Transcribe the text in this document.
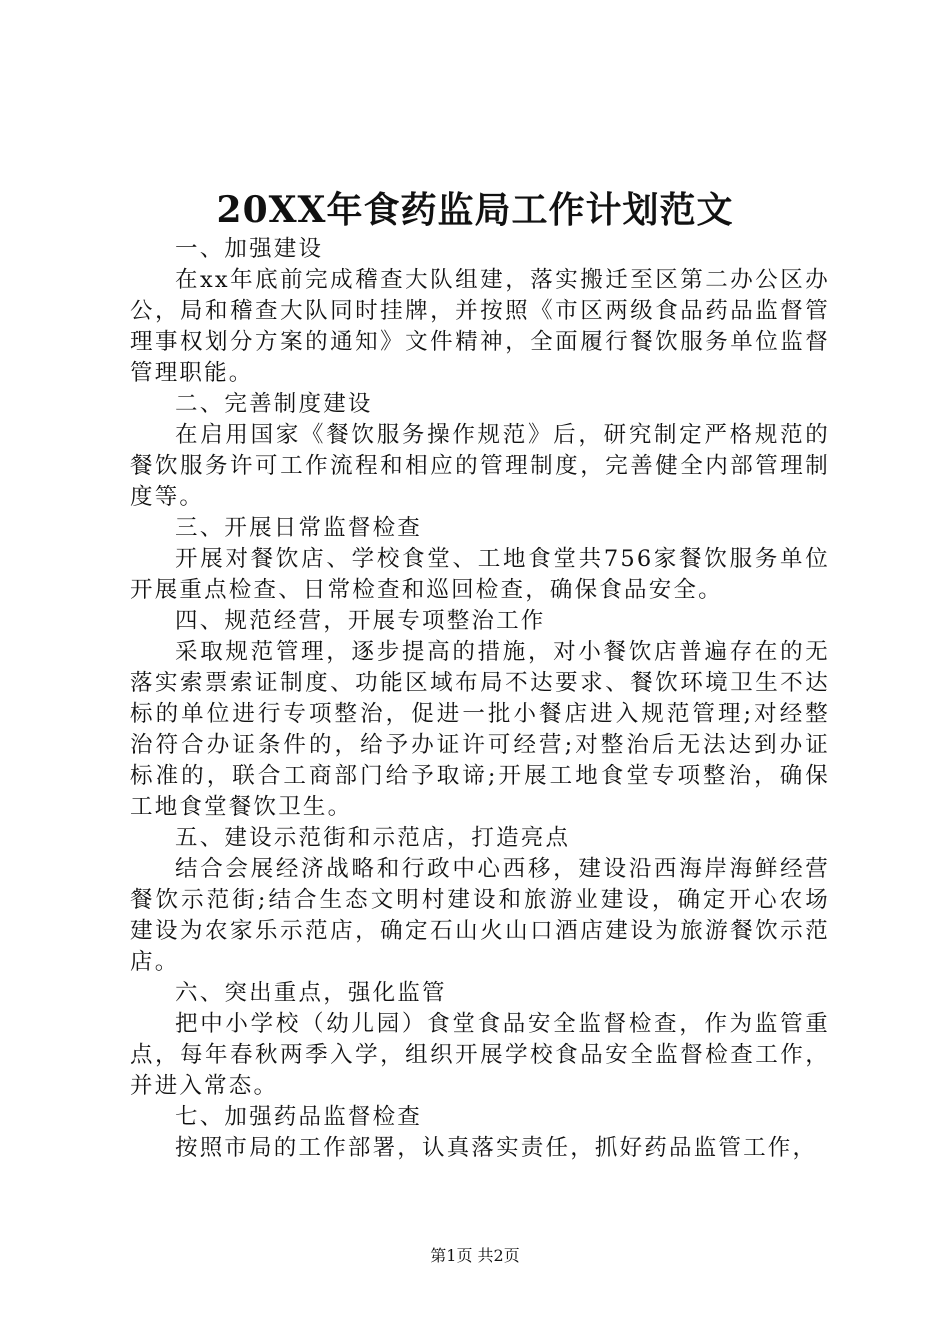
20XX年食药监局工作计划范文

一、加强建设

在xx年底前完成稽查大队组建，落实搬迁至区第二办公区办公，局和稽查大队同时挂牌，并按照《市区两级食品药品监督管理事权划分方案的通知》文件精神，全面履行餐饮服务单位监督管理职能。

二、完善制度建设

在启用国家《餐饮服务操作规范》后，研究制定严格规范的餐饮服务许可工作流程和相应的管理制度，完善健全内部管理制度等。

三、开展日常监督检查

开展对餐饮店、学校食堂、工地食堂共756家餐饮服务单位开展重点检查、日常检查和巡回检查，确保食品安全。

四、规范经营，开展专项整治工作

采取规范管理，逐步提高的措施，对小餐饮店普遍存在的无落实索票索证制度、功能区域布局不达要求、餐饮环境卫生不达标的单位进行专项整治，促进一批小餐店进入规范管理;对经整治符合办证条件的，给予办证许可经营;对整治后无法达到办证标准的，联合工商部门给予取谛;开展工地食堂专项整治，确保工地食堂餐饮卫生。

五、建设示范街和示范店，打造亮点

结合会展经济战略和行政中心西移，建设沿西海岸海鲜经营餐饮示范街;结合生态文明村建设和旅游业建设，确定开心农场建设为农家乐示范店，确定石山火山口酒店建设为旅游餐饮示范店。

六、突出重点，强化监管

把中小学校（幼儿园）食堂食品安全监督检查，作为监管重点，每年春秋两季入学，组织开展学校食品安全监督检查工作，并进入常态。

七、加强药品监督检查

按照市局的工作部署，认真落实责任，抓好药品监管工作，

第1页 共2页
